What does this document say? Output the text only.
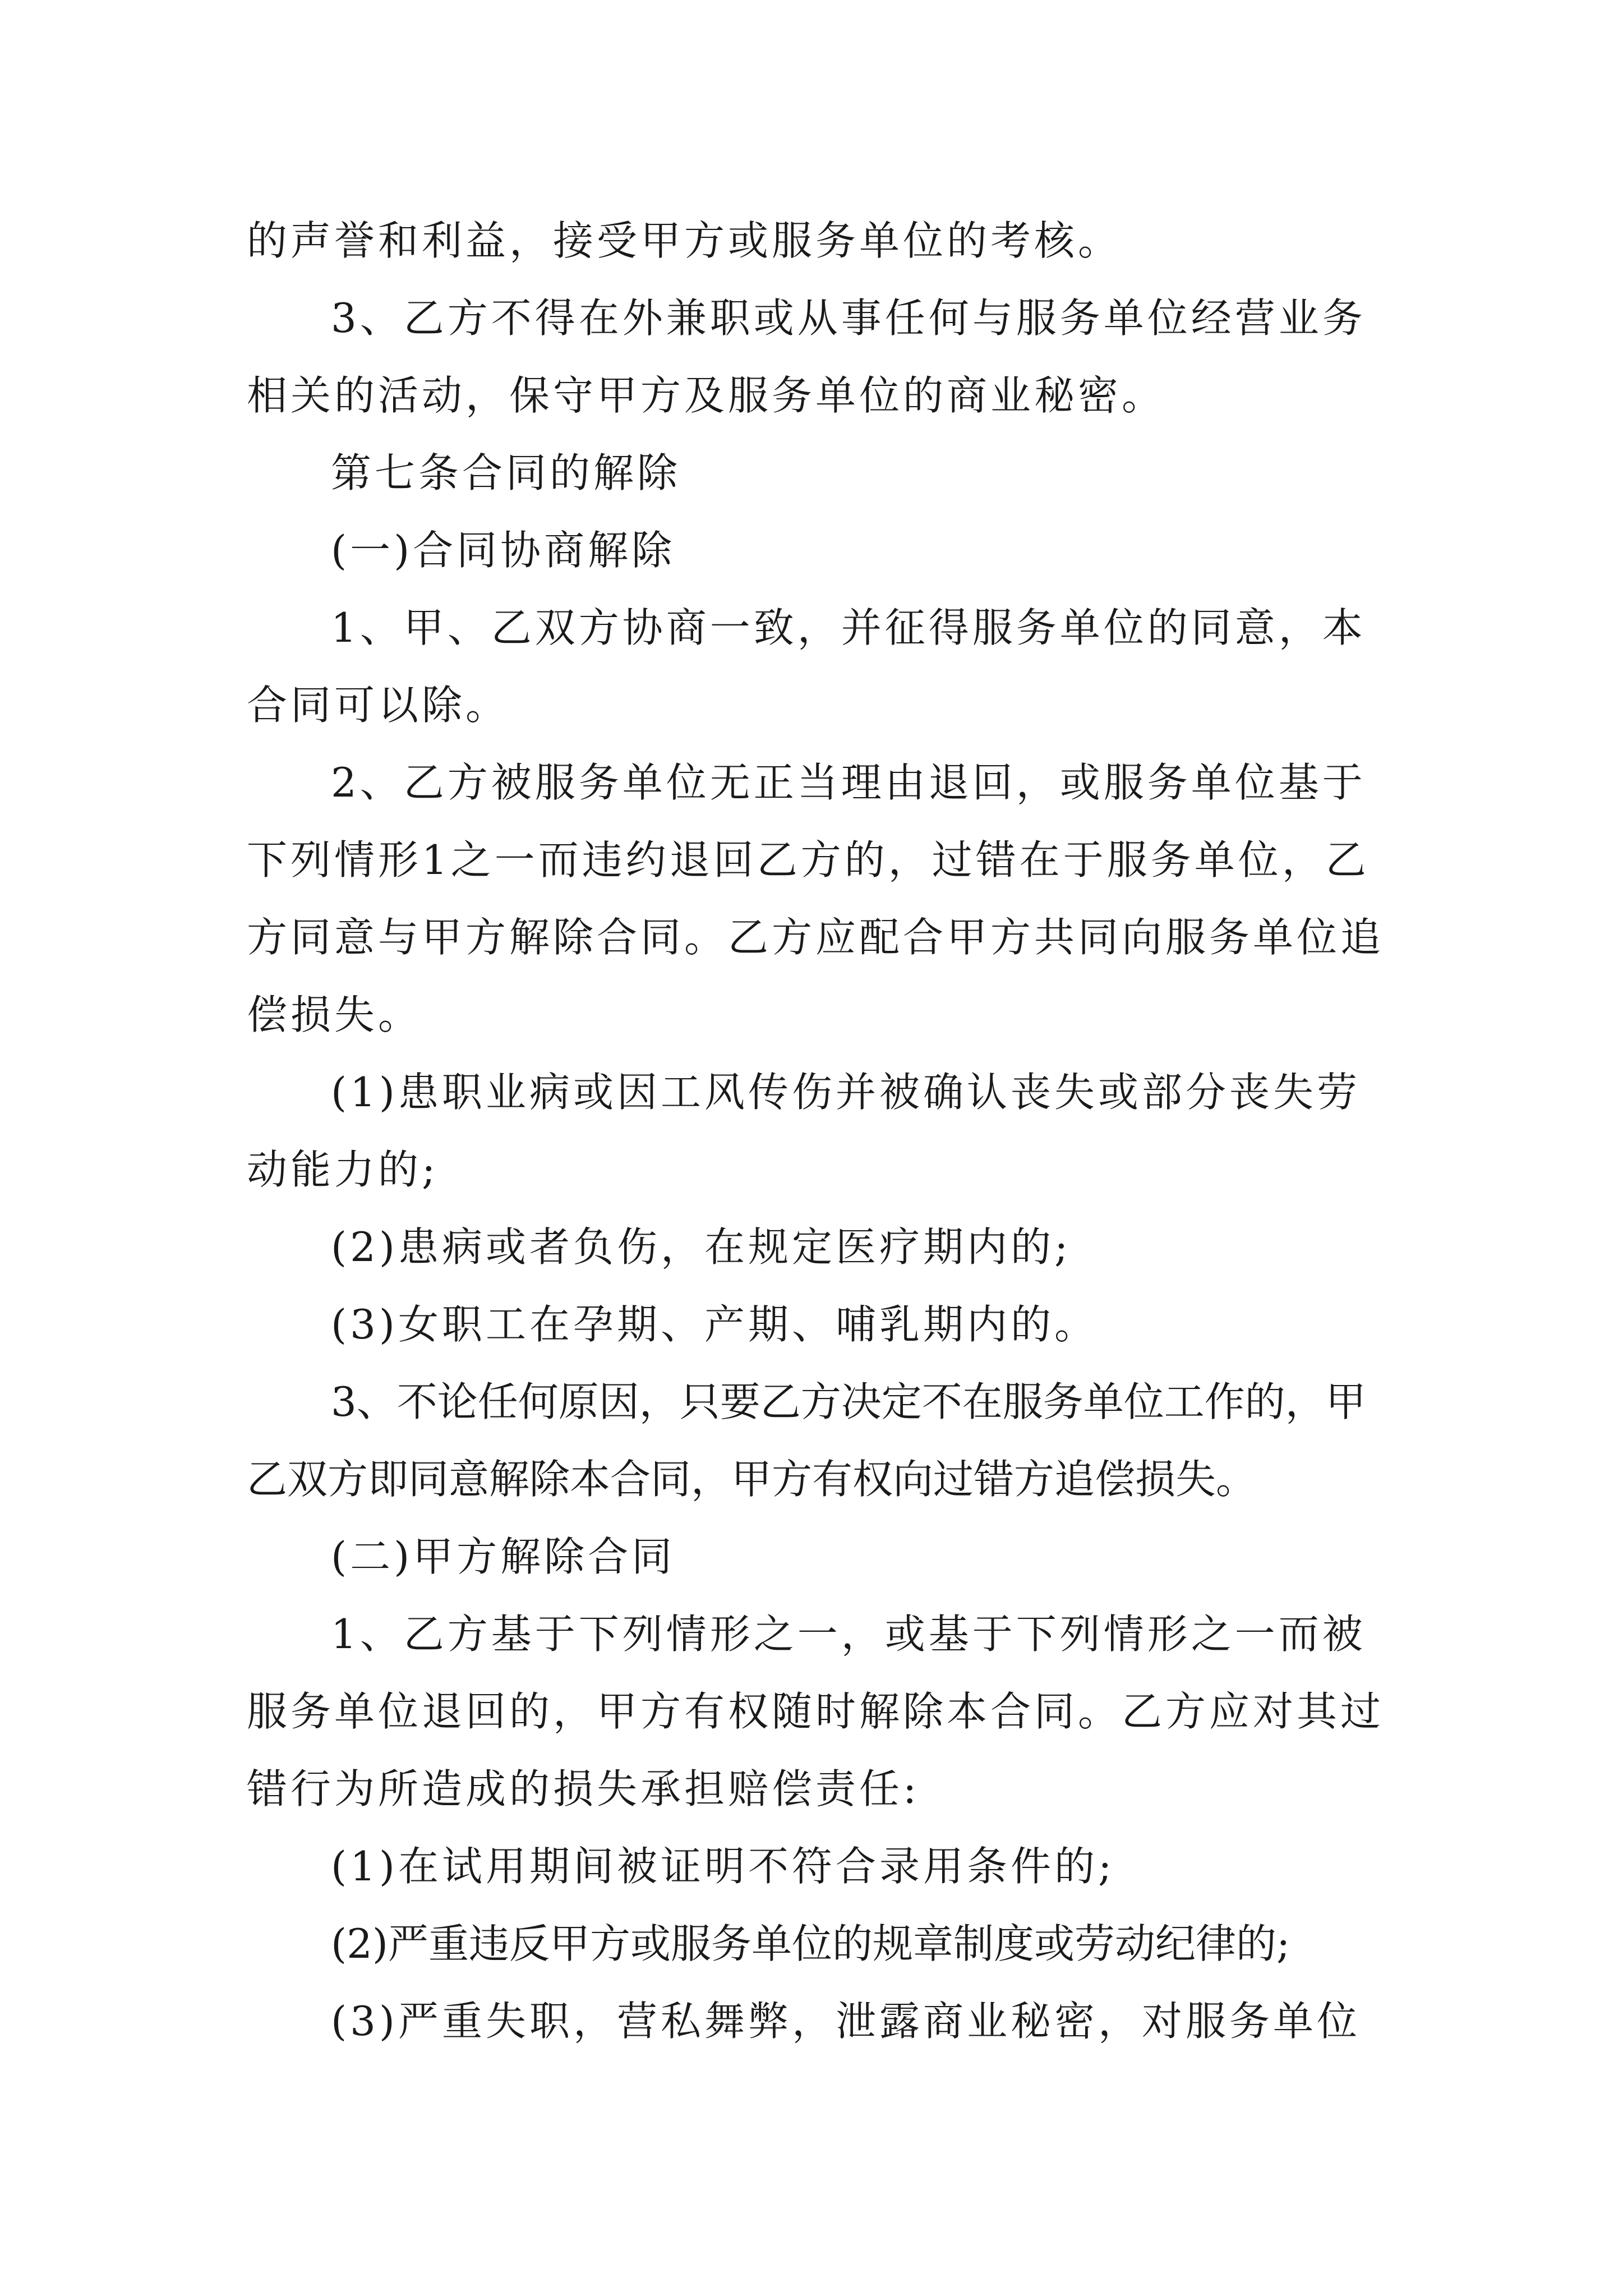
的声誉和利益，接受甲方或服务单位的考核。

3、乙方不得在外兼职或从事任何与服务单位经营业务相关的活动，保守甲方及服务单位的商业秘密。

第七条合同的解除

(一)合同协商解除

1、甲、乙双方协商一致，并征得服务单位的同意，本合同可以除。

2、乙方被服务单位无正当理由退回，或服务单位基于下列情形1之一而违约退回乙方的，过错在于服务单位，乙方同意与甲方解除合同。乙方应配合甲方共同向服务单位追偿损失。

(1)患职业病或因工风传伤并被确认丧失或部分丧失劳动能力的;

(2)患病或者负伤，在规定医疗期内的;

(3)女职工在孕期、产期、哺乳期内的。

3、不论任何原因，只要乙方决定不在服务单位工作的，甲乙双方即同意解除本合同，甲方有权向过错方追偿损失。

(二)甲方解除合同

1、乙方基于下列情形之一，或基于下列情形之一而被服务单位退回的，甲方有权随时解除本合同。乙方应对其过错行为所造成的损失承担赔偿责任:

(1)在试用期间被证明不符合录用条件的;

(2)严重违反甲方或服务单位的规章制度或劳动纪律的;

(3)严重失职，营私舞弊，泄露商业秘密，对服务单位
